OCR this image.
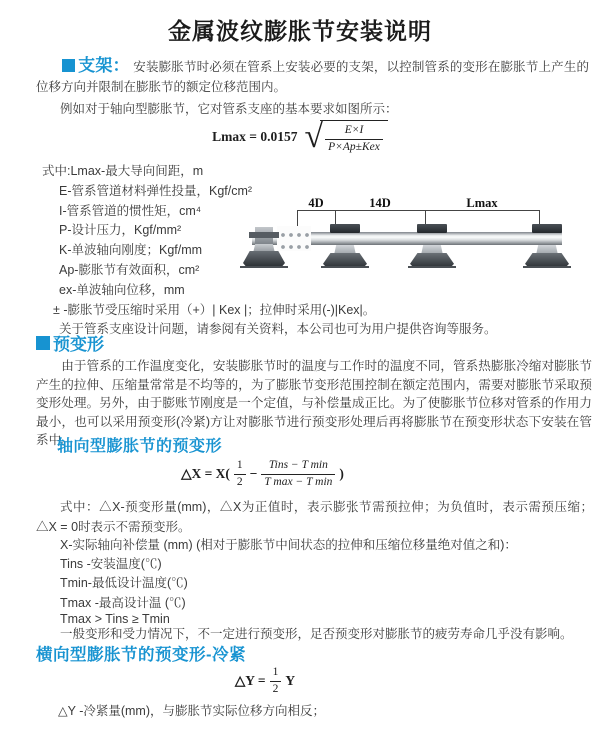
金属波纹膨胀节安装说明
支架： 安装膨胀节时必须在管系上安装必要的支架，以控制管系的变形在膨胀节上产生的位移方向并限制在膨胀节的额定位移范围内。
例如对于轴向型膨胀节，它对管系支座的基本要求如图所示：
Lmax = 0.0157 √ $\frac{E\times I}{\text{P×Ap±Kex}}$
式中:Lmax-最大导向间距，m
E-管系管道材料弹性投量，Kgf/cm²
I-管系管道的惯性矩，cm⁴
P-设计压力，Kgf/mm²
K-单波轴向刚度；Kgf/mm
Ap-膨胀节有效面积，cm²
ex-单波轴向位移，mm
± -膨胀节受压缩时采用（+）| Kex |；拉伸时采用(-)|Kex|。
关于管系支座设计问题，请参阅有关资料，本公司也可为用户提供咨询等服务。
4D	14D	Lmax
预变形
由于管系的工作温度变化，安装膨胀节时的温度与工作时的温度不同，管系热膨胀冷缩对膨胀节产生的拉伸、压缩量常常是不均等的，为了膨胀节变形范围控制在额定范围内，需要对膨胀节采取预变形处理。另外，由于膨账节刚度是一个定值，与补偿量成正比。为了使膨胀节位移对管系的作用力最小，也可以采用预变形(冷紧)方让对膨胀节进行预变形处理后再将膨胀节在预变形状态下安装在管系中。
轴向型膨胀节的预变形
△X = $X( \frac{1}{2} - \frac{\text{Tins − T min}}{\text{T max − T min}}$ )
式中：△X-预变形量(mm)，△X为正值时，表示膨张节需预拉伸；为负值时，表示需预压缩；△X = 0时表示不需预变形。
X-实际轴向补偿量 (mm) (相对于膨胀节中间状态的拉伸和压缩位移量绝对值之和)：
Tins -安装温度(℃)
Tmin-最低设计温度(℃)
Tmax -最高设计温 (℃)
Tmax > Tins ≥ Tmin
一般变形和受力情况下，不一定进行预变形，足否预变形对膨胀节的疲劳寿命几乎没有影响。
横向型膨胀节的预变形-冷紧
△Y = $\frac{1}{2}$ Y
△Y -冷紧量(mm)，与膨胀节实际位移方向相反；
